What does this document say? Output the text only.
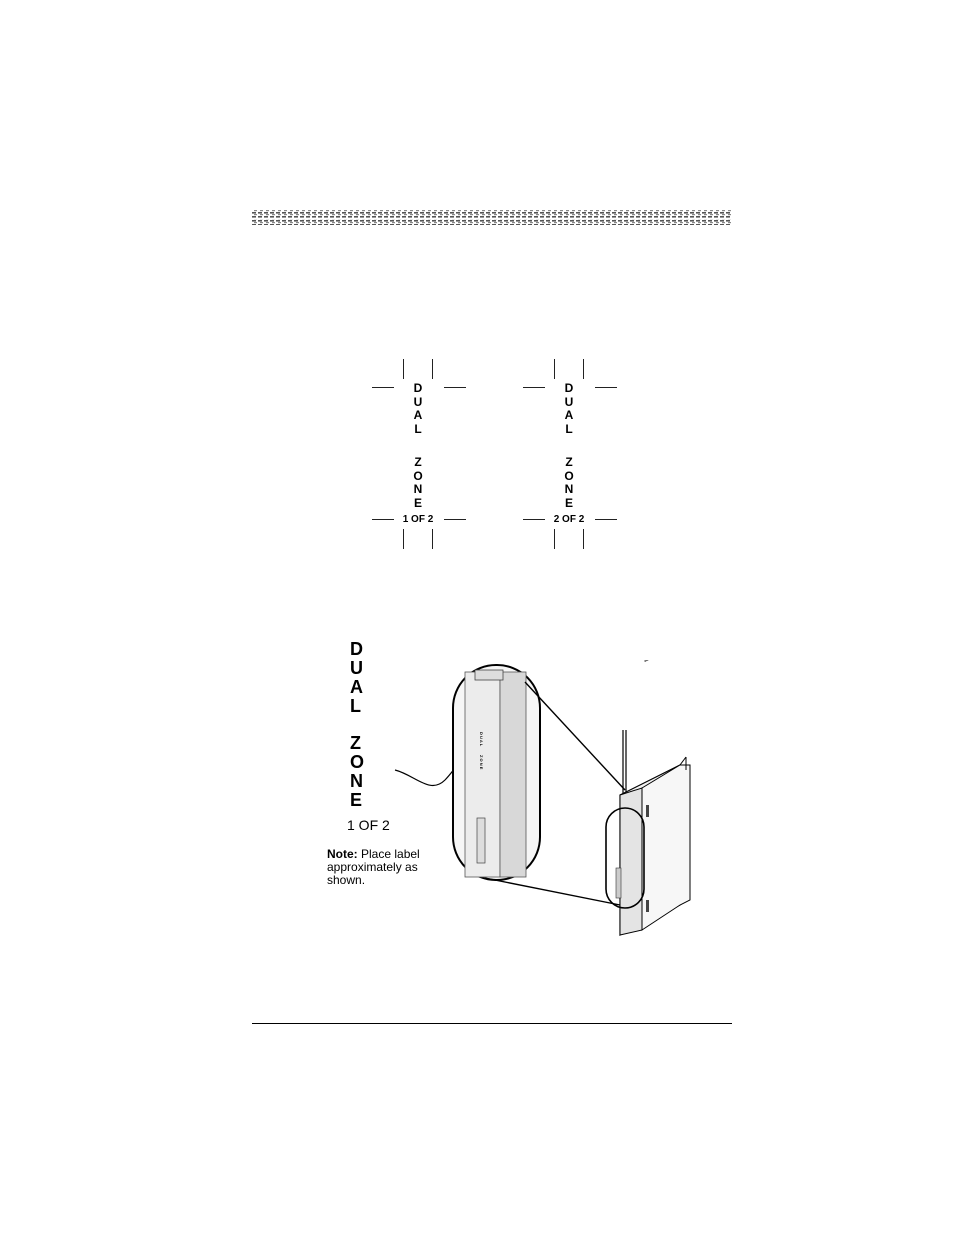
D
U
A
L
Z
O
N
E
1 OF 2
D
U
A
L
Z
O
N
E
2 OF 2
D
U
A
L
Z
O
N
E
1 OF 2
Note: Place label approximately as shown.
D U A L
Z O N E
